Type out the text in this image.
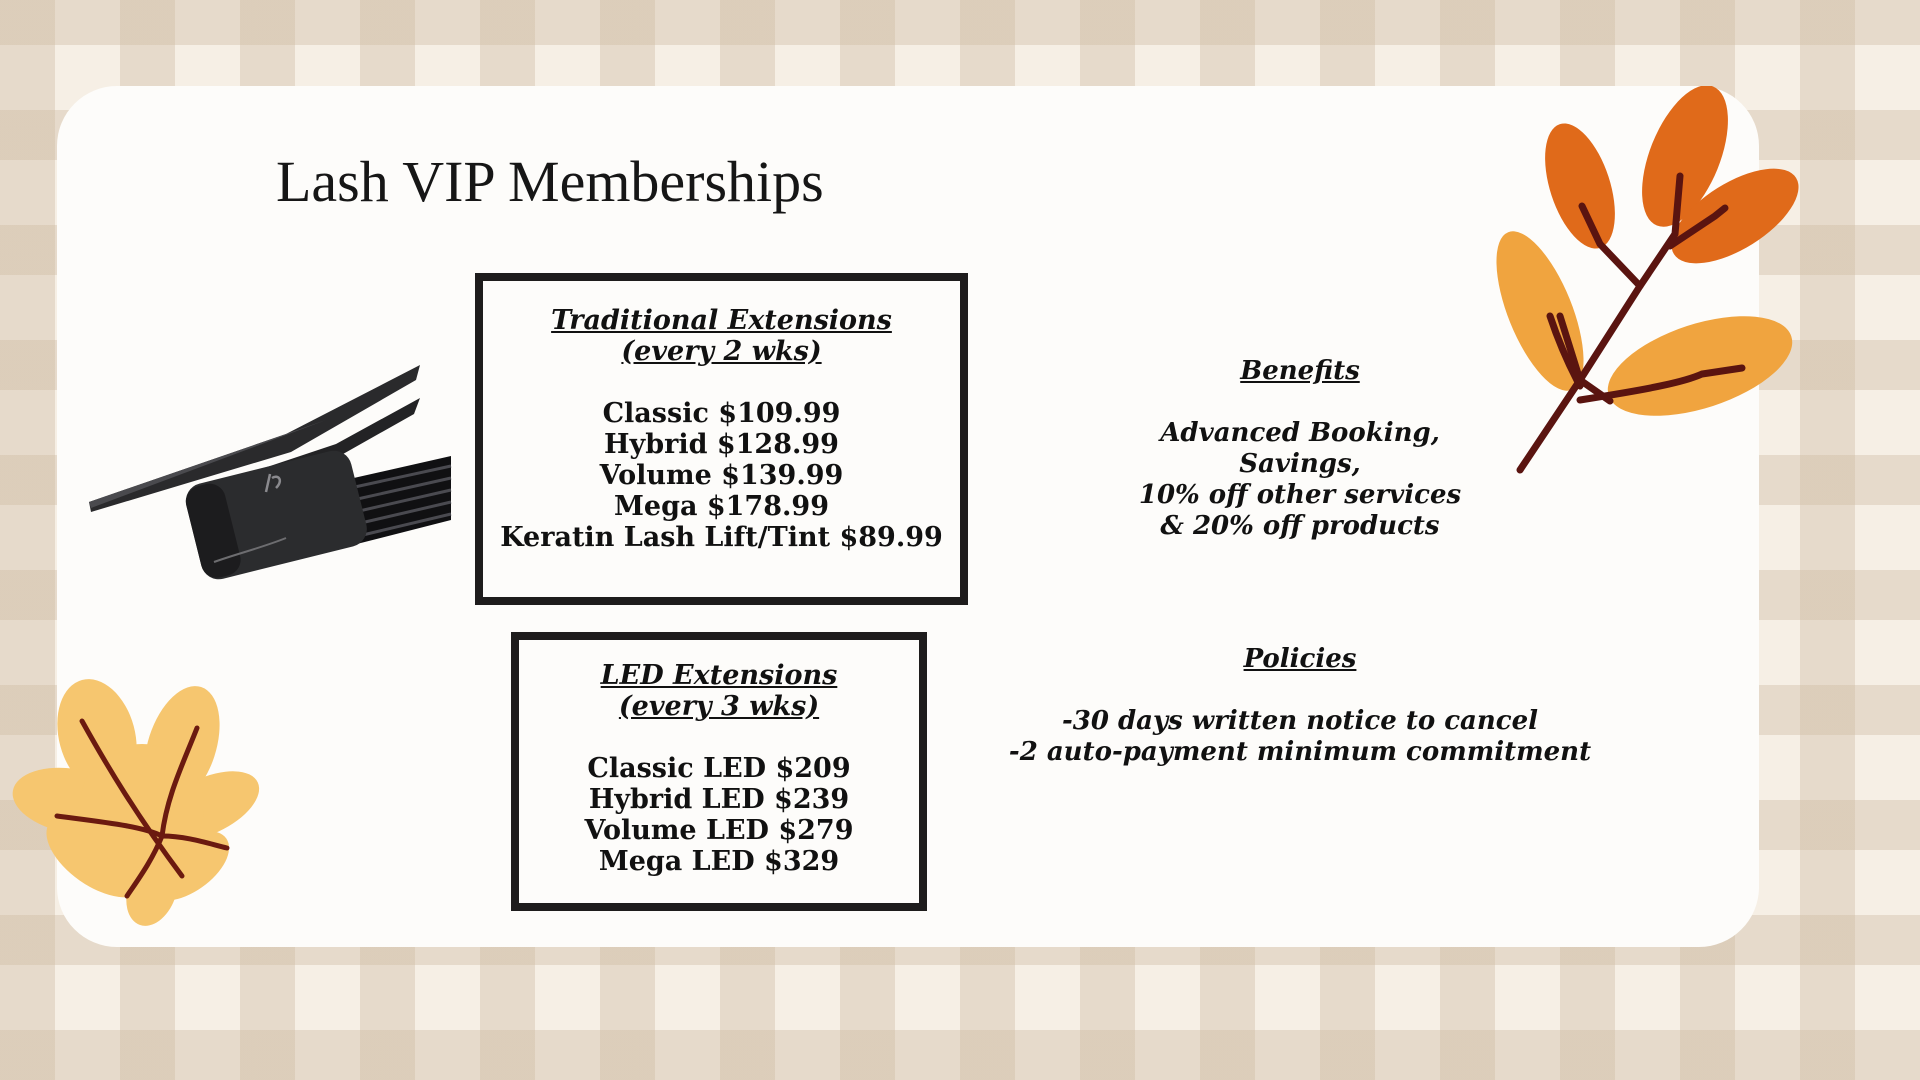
Lash VIP Memberships
Traditional Extensions
(every 2 wks)
Classic $109.99
Hybrid $128.99
Volume $139.99
Mega $178.99
Keratin Lash Lift/Tint $89.99
LED Extensions
(every 3 wks)
Classic LED $209
Hybrid LED $239
Volume LED $279
Mega LED $329
Benefits
Advanced Booking,
Savings,
10% off other services
& 20% off products
Policies
-30 days written notice to cancel
-2 auto-payment minimum commitment
